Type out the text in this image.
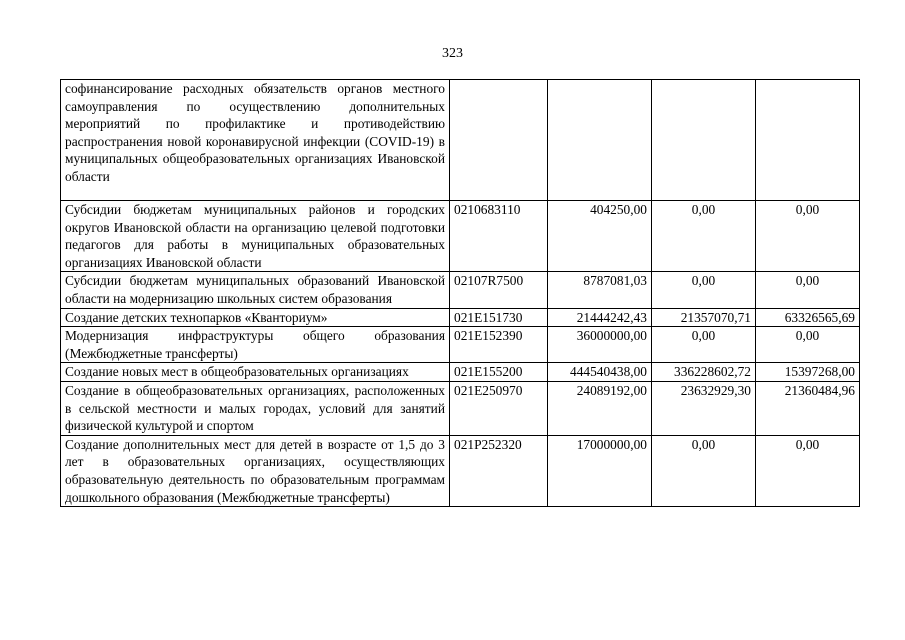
323
софинансирование расходных обязательств органов местного самоуправления по осуществлению дополнительных мероприятий по профилактике и противодействию распространения новой коронавирусной инфекции (COVID-19) в муниципальных общеобразовательных организациях Ивановской области				
Субсидии бюджетам муниципальных районов и городских округов Ивановской области на организацию целевой подготовки педагогов для работы в муниципальных образовательных организациях Ивановской области	0210683110	404250,00	0,00	0,00
Субсидии бюджетам муниципальных образований Ивановской области на модернизацию школьных систем образования	02107R7500	8787081,03	0,00	0,00
Создание детских технопарков «Кванториум»	021E151730	21444242,43	21357070,71	63326565,69
Модернизация инфраструктуры общего образования (Межбюджетные трансферты)	021E152390	36000000,00	0,00	0,00
Создание новых мест в общеобразовательных организациях	021E155200	444540438,00	336228602,72	15397268,00
Создание в общеобразовательных организациях, расположенных в сельской местности и малых городах, условий для занятий физической культурой и спортом	021E250970	24089192,00	23632929,30	21360484,96
Создание дополнительных мест для детей в возрасте от 1,5 до 3 лет в образовательных организациях, осуществляющих образовательную деятельность по образовательным программам дошкольного образования (Межбюджетные трансферты)	021P252320	17000000,00	0,00	0,00
